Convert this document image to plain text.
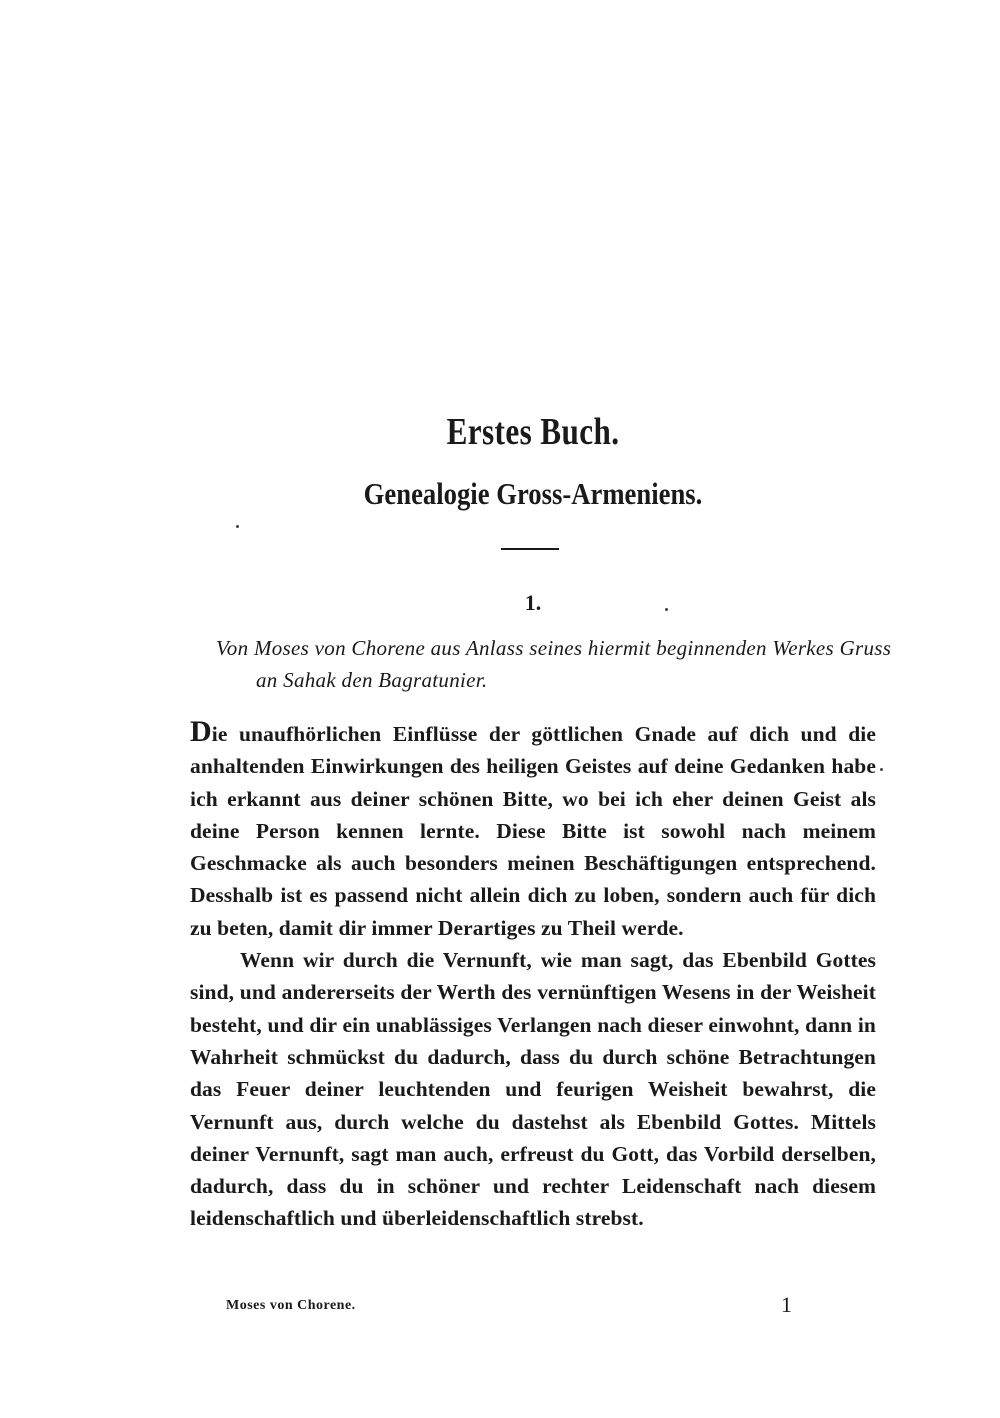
Erstes Buch.
Genealogie Gross-Armeniens.
1.
Von Moses von Chorene aus Anlass seines hiermit beginnenden Werkes Gruss an Sahak den Bagratunier.

Die unaufhörlichen Einflüsse der göttlichen Gnade auf dich und die anhaltenden Einwirkungen des heiligen Geistes auf deine Gedanken habe ich erkannt aus deiner schönen Bitte, wo bei ich eher deinen Geist als deine Person kennen lernte. Diese Bitte ist sowohl nach meinem Geschmacke als auch besonders meinen Beschäftigungen entsprechend. Desshalb ist es passend nicht allein dich zu loben, sondern auch für dich zu beten, damit dir immer Derartiges zu Theil werde.

Wenn wir durch die Vernunft, wie man sagt, das Ebenbild Gottes sind, und andererseits der Werth des vernünftigen Wesens in der Weisheit besteht, und dir ein unablässiges Verlangen nach dieser einwohnt, dann in Wahrheit schmückst du dadurch, dass du durch schöne Betrachtungen das Feuer deiner leuchtenden und feurigen Weisheit bewahrst, die Vernunft aus, durch welche du dastehst als Ebenbild Gottes. Mittels deiner Vernunft, sagt man auch, erfreust du Gott, das Vorbild derselben, dadurch, dass du in schöner und rechter Leidenschaft nach diesem leidenschaftlich und überleidenschaftlich strebst.

Moses von Chorene.	1
